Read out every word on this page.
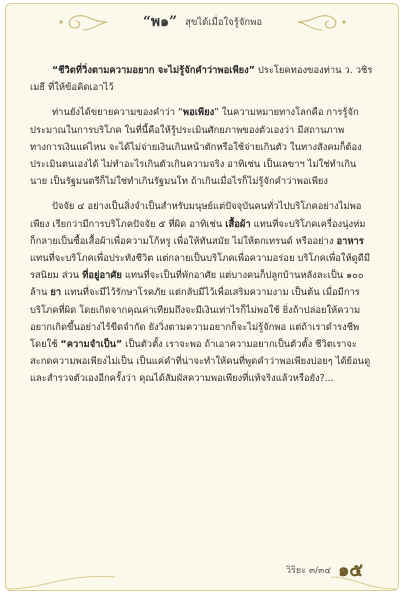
“พ๑” สุขได้เมื่อใจรู้จักพอ

“ชีวิตที่วิ่งตามความอยาก จะไม่รู้จักคำว่าพอเพียง” ประโยคทองของท่าน ว. วชิรเมธี ที่ให้ข้อคิดเอาไว้

ท่านยังได้ขยายความของคำว่า “พอเพียง” ในความหมายทางโลกคือ การรู้จักประมาณในการบริโภค ในที่นี้คือให้รู้ประเมินศักยภาพของตัวเองว่า มีสถานภาพทางการเงินแค่ไหน จะได้ไม่จ่ายเงินเกินหน้าตักหรือใช้จ่ายเกินตัว ในทางสังคมก็ต้องประเมินตนเองได้ ไม่ทำอะไรเกินตัวเกินความจริง อาทิเช่น เป็นเลขาฯ ไม่ใช่ทำเกินนาย เป็นรัฐมนตรีก็ไม่ใช่ทำเกินรัฐมนโท ถ้าเกินเมื่อไรก็ไม่รู้จักคำว่าพอเพียง

ปัจจัย ๔ อย่างเป็นสิ่งจำเป็นสำหรับมนุษย์แต่ปัจจุบันคนทั่วไปบริโภคอย่างไม่พอเพียง เรียกว่ามีการบริโภคปัจจัย ๕ ที่ผิด อาทิเช่น เสื้อผ้า แทนที่จะบริโภคเครื่องนุ่งห่ม ก็กลายเป็นซื้อเสื้อผ้าเพื่อความโก้หรู เพื่อให้ทันสมัย ไม่ให้ตกเทรนด์ หรืออย่าง อาหารแทนที่จะบริโภคเพื่อประทังชีวิต แต่กลายเป็นบริโภคเพื่อความอร่อย บริโภคเพื่อให้ดูดีมีรสนิยม ส่วน ที่อยู่อาศัย แทนที่จะเป็นที่พักอาศัย แต่บางคนก็ปลูกบ้านหลังละเป็น ๑๐๐ ล้าน ยา แทนที่จะมีไว้รักษาโรคภัย แต่กลับมีไว้เพื่อเสริมความงาม เป็นต้น เมื่อมีการบริโภคที่ผิด โดยเกิดจากคุณค่าเทียมถึงจะมีเงินเท่าไรก็ไม่พอใช้ ยิ่งถ้าปล่อยให้ความอยากเกิดขึ้นอย่างไร้ขีดจำกัด ยังวิ่งตามความอยากก็จะไม่รู้จักพอ แต่ถ้าเราดำรงชีพโดยใช้ “ความจำเป็น” เป็นตัวตั้ง เราจะพอ ถ้าเอาความอยากเป็นตัวตั้ง ชีวิตเราจะสะกดความพอเพียงไม่เป็น เป็นแค่คำที่น่าจะทำให้คนที่พูดคำว่าพอเพียงบ่อยๆ ได้ย้อนดูและสำรวจตัวเองอีกครั้งว่า คุณได้สัมผัสความพอเพียงที่แท้จริงแล้วหรือยัง?...

วิริยะ ๓/๓๔ ๑๕
